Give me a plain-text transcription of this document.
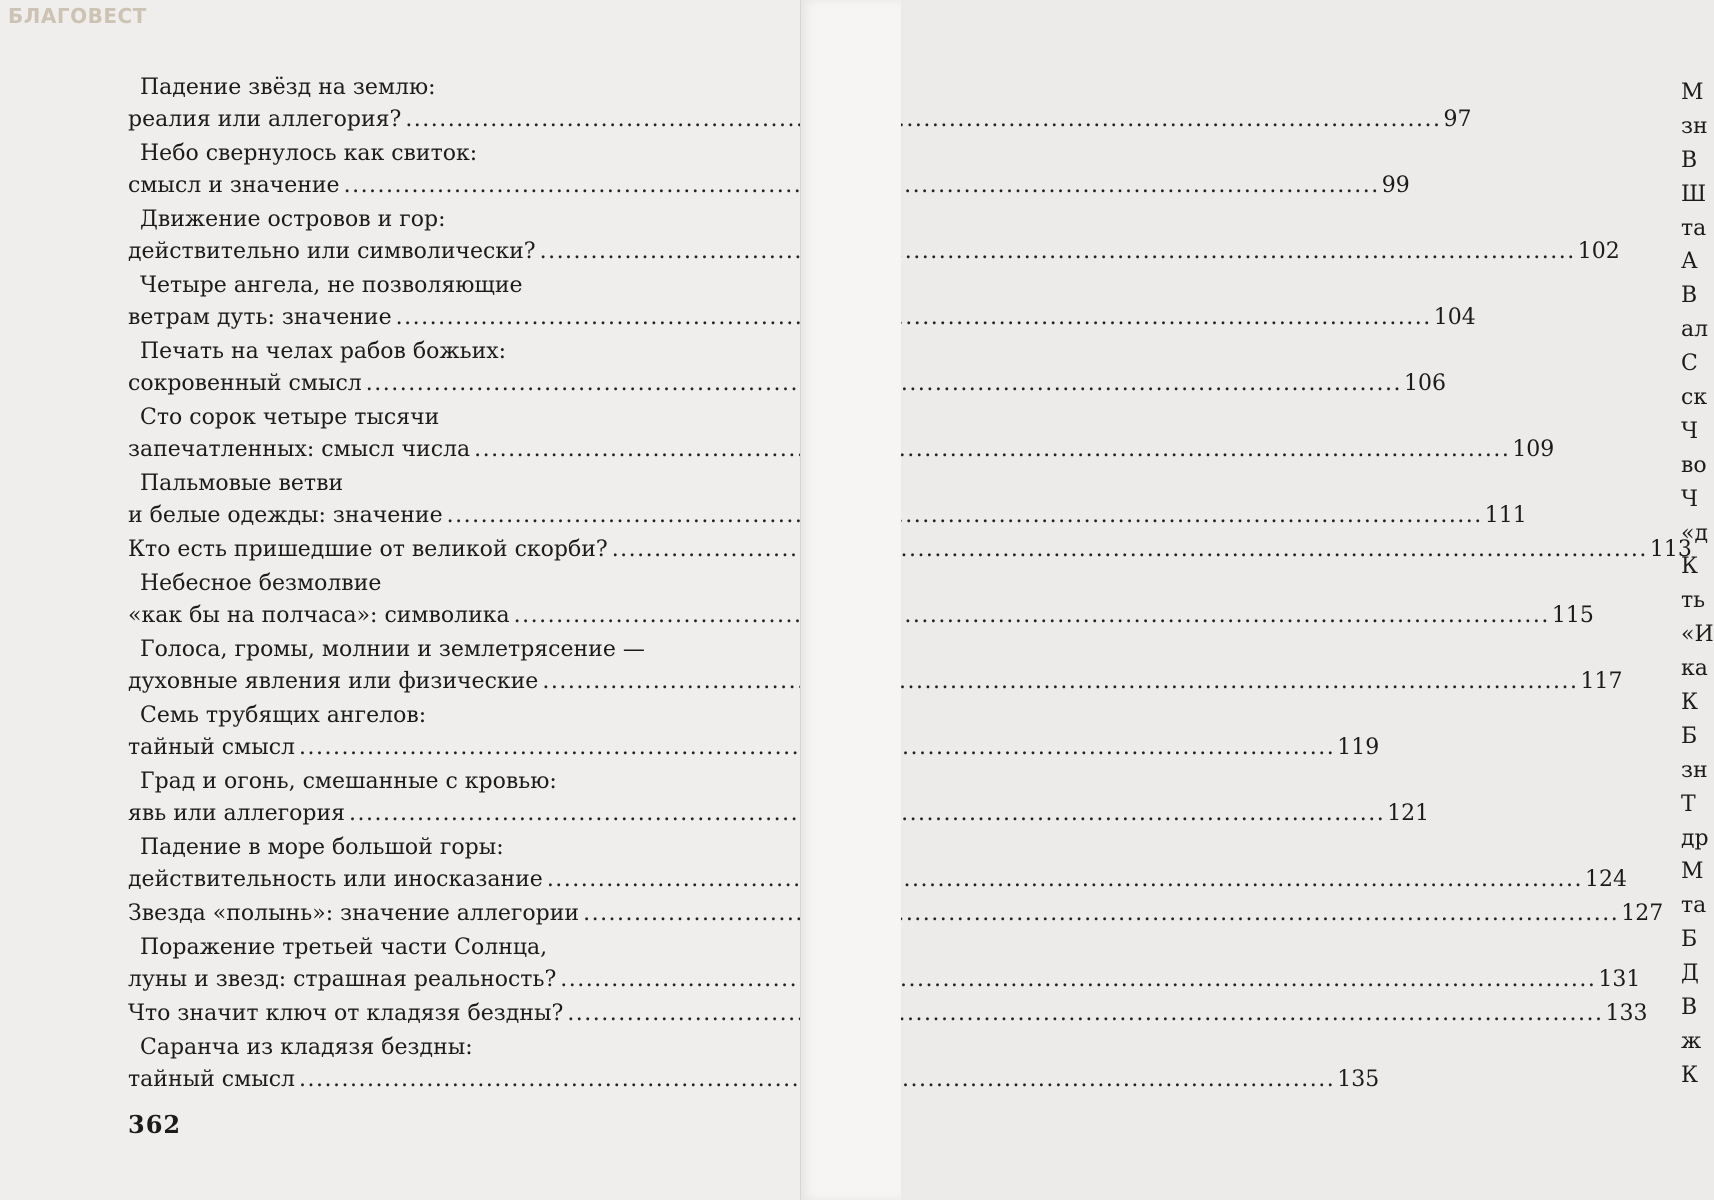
БЛАГОВЕСТ
Падение звёзд на землю:
реалия или аллегория? .....	97
Небо свернулось как свиток:
смысл и значение .....	99
Движение островов и гор:
действительно или символически? .....	102
Четыре ангела, не позволяющие
ветрам дуть: значение .....	104
Печать на челах рабов божьих:
сокровенный смысл .....	106
Сто сорок четыре тысячи
запечатленных: смысл числа .....	109
Пальмовые ветви
и белые одежды: значение .....	111
Кто есть пришедшие от великой скорби? .....	113
Небесное безмолвие
«как бы на полчаса»: символика .....	115
Голоса, громы, молнии и землетрясение —
духовные явления или физические .....	117
Семь трубящих ангелов:
тайный смысл .....	119
Град и огонь, смешанные с кровью:
явь или аллегория .....	121
Падение в море большой горы:
действительность или иносказание .....	124
Звезда «полынь»: значение аллегории .....	127
Поражение третьей части Солнца,
луны и звезд: страшная реальность? .....	131
Что значит ключ от кладязя бездны? .....	133
Саранча из кладязя бездны:
тайный смысл .....	135
362
М
зн
В
Ш
та
А
В
ал
С
ск
Ч
во
Ч
«д
К
ть
«И
ка
К
Б
зн
Т
др
М
та
Б
Д
В
ж
К
